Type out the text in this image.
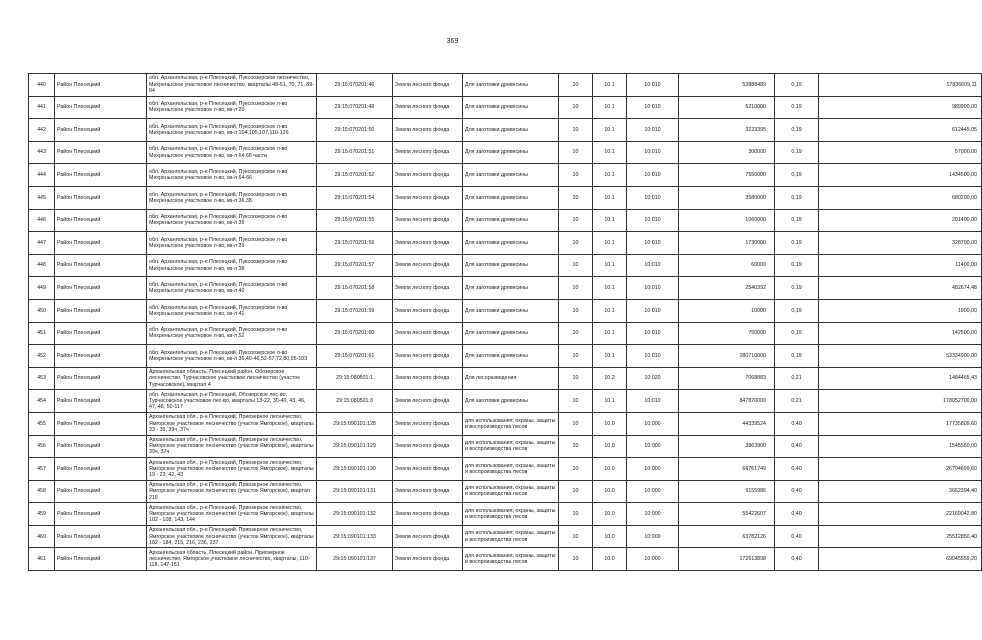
369
440	Район Плесецкий	обл. Архангельская, р-н Плесецкий, Пуксоозерское лесничество, Мехреньгское участковое лесничество, кварталы 48-51, 70, 71, 89-94	29:15:070201:46	Земли лесного фонда	Для заготовки древесины	10	10.1	10:010	53888489	0,19	17836609,11
441	Район Плесецкий	обл. Архангельская, р-н Плесецкий, Пуксоозерское л-во Мехреньгское участковое л-во, кв-л 20	29:15:070201:48	Земли лесного фонда	Для заготовки древесины	10	10.1	10:010	5210000	0,19	989900,00
442	Район Плесецкий	обл. Архангельская, р-н Плесецкий, Пуксоозерское л-во Мехреньгское участковое л-во, кв-л 104,105,107,110-126	29:15:070201:50	Земли лесного фонда	Для заготовки древесины	10	10.1	10:010	3223395	0,19	612445,05
443	Район Плесецкий	обл. Архангельская, р-н Плесецкий, Пуксоозерское л-во Мехреньгское участковое л-во, кв-л 64,66 части	29:15:070201:51	Земли лесного фонда	Для заготовки древесины	10	10.1	10:010	300000	0,19	57000,00
444	Район Плесецкий	обл. Архангельская, р-н Плесецкий, Пуксоозерское л-во Мехреньгское участковое л-во, кв-л 64-66	29:15:070201:52	Земли лесного фонда	Для заготовки древесины	10	10.1	10:010	7550000	0,19	1434500,00
445	Район Плесецкий	обл. Архангельская, р-н Плесецкий, Пуксоозерское л-во Мехреньгское участковое л-во, кв-л 36,38.	29:15:070201:54	Земли лесного фонда	Для заготовки древесины	10	10.1	10:010	3580000	0,19	680200,00
446	Район Плесецкий	обл. Архангельская, р-н Плесецкий, Пуксоозерское л-во Мехреньгское участковое л-во, кв-л 39	29:15:070201:55	Земли лесного фонда	Для заготовки древесины	10	10.1	10:010	1060000	0,19	201400,00
447	Район Плесецкий	обл. Архангельская, р-н Плесецкий, Пуксоозерское л-во Мехреньгское участковое л-во, кв-л 39	29:15:070201:56	Земли лесного фонда	Для заготовки древесины	10	10.1	10:010	1730000	0,19	328700,00
448	Район Плесецкий	обл. Архангельская, р-н Плесецкий, Пуксоозерское л-во Мехреньгское участковое л-во, кв-л 38	29:15:070201:57	Земли лесного фонда	Для заготовки древесины	10	10.1	10:010	60000	0,19	11400,00
449	Район Плесецкий	обл. Архангельская, р-н Плесецкий, Пуксоозерское л-во Мехреньгское участковое л-во, кв-л 40	29:15:070201:58	Земли лесного фонда	Для заготовки древесины	10	10.1	10:010	2540392	0,19	482674,48
450	Район Плесецкий	обл. Архангельская, р-н Плесецкий, Пуксоозерское л-во Мехреньгское участковое л-во, кв-л 41	29:15:070201:59	Земли лесного фонда	Для заготовки древесины	10	10.1	10:010	10000	0,19	1900,00
451	Район Плесецкий	обл. Архангельская, р-н Плесецкий, Пуксоозерское л-во Мехреньгское участковое л-во, кв-л 52	29:15:070201:60	Земли лесного фонда	Для заготовки древесины	10	10.1	10:010	750000	0,19	142500,00
452	Район Плесецкий	обл. Архангельская, р-н Плесецкий, Пуксоозерское л-во Мехреньгское участковое л-во, кв-л 36,40-46,52-57,72,80,95-103	29:15:070201:61	Земли лесного фонда	Для заготовки древесины	10	10.1	10:010	280710000	0,19	53334900,00
453	Район Плесецкий	Архангельская область, Плесецкий район, Обозерское лесничество, Турчасовское участковое лесничество (участок Турчасовское), квартал 4	29:15:080501:1	Земли лесного фонда	Для лесоразведения	10	10.2	10:020	7068883	0,21	1484465,43
454	Район Плесецкий	обл. Архангельская, р-н Плесецкий, Обозерское лес-во, Турчасовское участковое лес-во, кварталы 13-22, 30-40, 43, 46, 47, 48, 50-117	29:15:080501:3	Земли лесного фонда	Для заготовки древесины	10	10.1	10:010	847870000	0,21	178052700,00
455	Район Плесецкий	Архангельская обл., р-н Плесецкий, Приозерное лесничество, Ямгорское участковое лесничество (участок Ямгорское), кварталы 33 - 35, 39ч, 37ч	29:15:090101:128	Земли лесного фонда	для использования, охраны, защиты и воспроизводства лесов	10	10.0	10:000	44339524	0,40	17735809,60
456	Район Плесецкий	Архангельская обл., р-н Плесецкий, Приозерное лесничество, Ямгорское участковое лесничество (участок Ямгорское), кварталы 39ч, 37ч	29:15:090101:129	Земли лесного фонда	для использования, охраны, защиты и воспроизводства лесов	10	10.0	10:000	3863900	0,40	1545560,00
457	Район Плесецкий	Архангельская обл., р-н Плесецкий, Приозерное лесничество, Ямгорское участковое лесничество (участок Ямгорское), кварталы 19 - 23, 42, 43	29:15:090101:130	Земли лесного фонда	для использования, охраны, защиты и воспроизводства лесов	10	10.0	10:000	66761749	0,40	26704699,60
458	Район Плесецкий	Архангельская обл., р-н Плесецкий, Приозерное лесничество, Ямгорское участковое лесничество (участок Ямгорское), квартал 216	29:15:090101:131	Земли лесного фонда	для использования, охраны, защиты и воспроизводства лесов	10	10.0	10:000	9155986	0,40	3662394,40
459	Район Плесецкий	Архангельская обл., р-н Плесецкий, Приозерное лесничество, Ямгорское участковое лесничество (участок Ямгорское), кварталы 102 - 108, 143, 144	29:15:090101:132	Земли лесного фонда	для использования, охраны, защиты и воспроизводства лесов	10	10.0	10:000	55422607	0,40	22169042,80
460	Район Плесецкий	Архангельская обл., р-н Плесецкий, Приозерное лесничество, Ямгорское участковое лесничество (участок Ямгорское), кварталы 182 - 184, 215, 216, 236, 237	29:15:090101:133	Земли лесного фонда	для использования, охраны, защиты и воспроизводства лесов	10	10.0	10:000	63782126	0,40	25512850,40
461	Район Плесецкий	Архангельская область, Плесецкий район, Приозерное лесничество, Ямгорское участковое лесничество, кварталы, 110-118, 147-151	29:15:090101:137	Земли лесного фонда	для использования, охраны, защиты и воспроизводства лесов	10	10.0	10:000	172613898	0,40	69045559,20
